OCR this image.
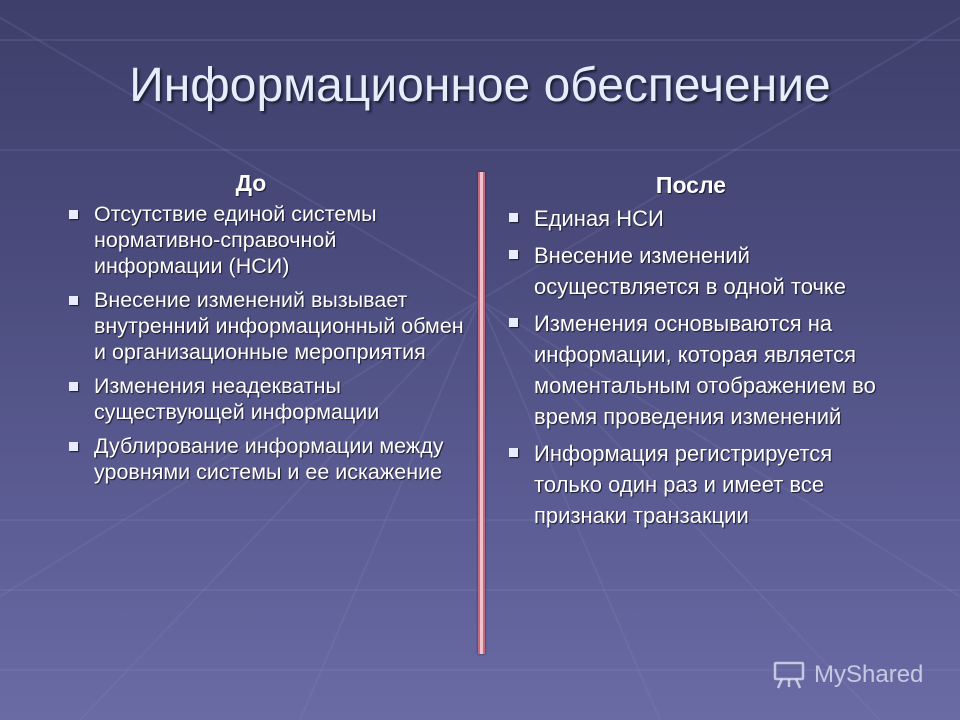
Информационное обеспечение
До
Отсутствие единой системы нормативно-справочной информации (НСИ)
Внесение изменений вызывает внутренний информационный обмен и организационные мероприятия
Изменения неадекватны существующей информации
Дублирование информации между уровнями системы и ее искажение
После
Единая НСИ
Внесение изменений осуществляется в одной точке
Изменения основываются на информации, которая является моментальным отображением во время проведения изменений
Информация регистрируется только один раз и имеет все признаки транзакции
MyShared
